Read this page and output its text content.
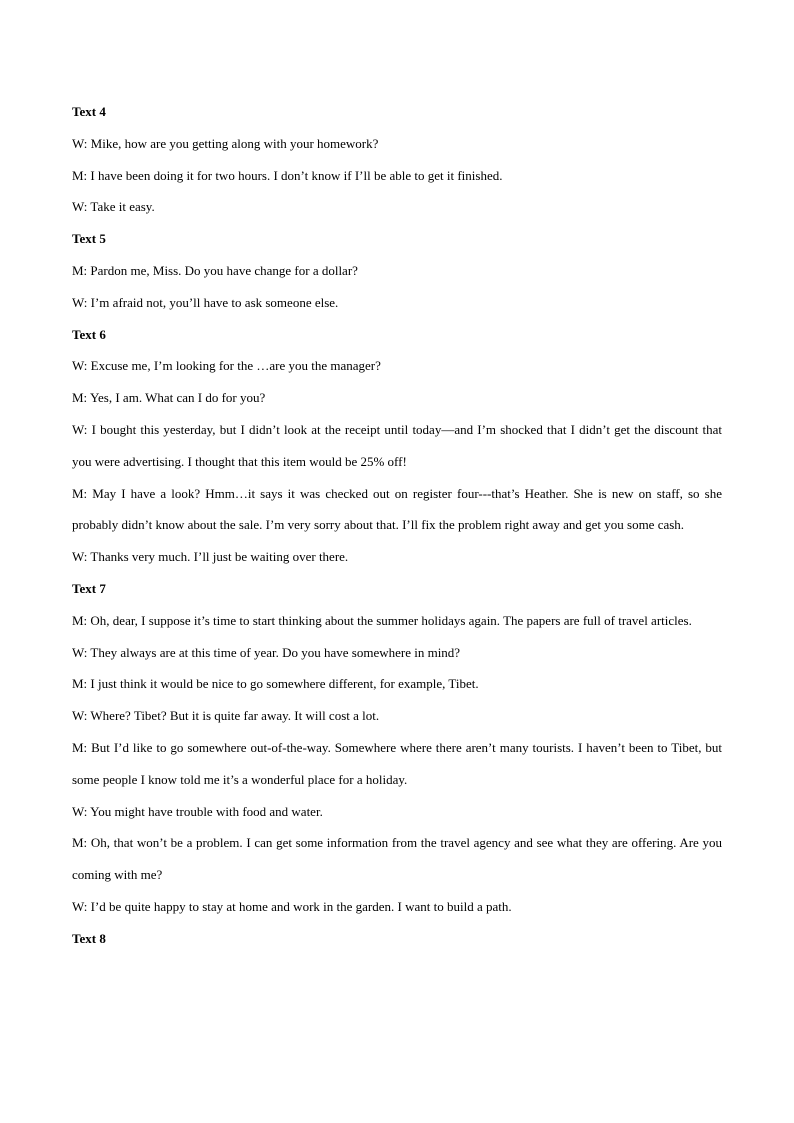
Text 4

W: Mike, how are you getting along with your homework?

M: I have been doing it for two hours. I don’t know if I’ll be able to get it finished.

W: Take it easy.

Text 5

M: Pardon me, Miss. Do you have change for a dollar?

W: I’m afraid not, you’ll have to ask someone else.

Text 6

W: Excuse me, I’m looking for the …are you the manager?

M: Yes, I am. What can I do for you?

W: I bought this yesterday, but I didn’t look at the receipt until today—and I’m shocked that I didn’t get the discount that you were advertising. I thought that this item would be 25% off!

M: May I have a look? Hmm…it says it was checked out on register four---that’s Heather. She is new on staff, so she probably didn’t know about the sale. I’m very sorry about that. I’ll fix the problem right away and get you some cash.

W: Thanks very much. I’ll just be waiting over there.

Text 7

M: Oh, dear, I suppose it’s time to start thinking about the summer holidays again. The papers are full of travel articles.

W: They always are at this time of year. Do you have somewhere in mind?

M: I just think it would be nice to go somewhere different, for example, Tibet.

W: Where? Tibet? But it is quite far away. It will cost a lot.

M: But I’d like to go somewhere out-of-the-way. Somewhere where there aren’t many tourists. I haven’t been to Tibet, but some people I know told me it’s a wonderful place for a holiday.

W: You might have trouble with food and water.

M: Oh, that won’t be a problem. I can get some information from the travel agency and see what they are offering. Are you coming with me?

W: I’d be quite happy to stay at home and work in the garden. I want to build a path.

Text 8
